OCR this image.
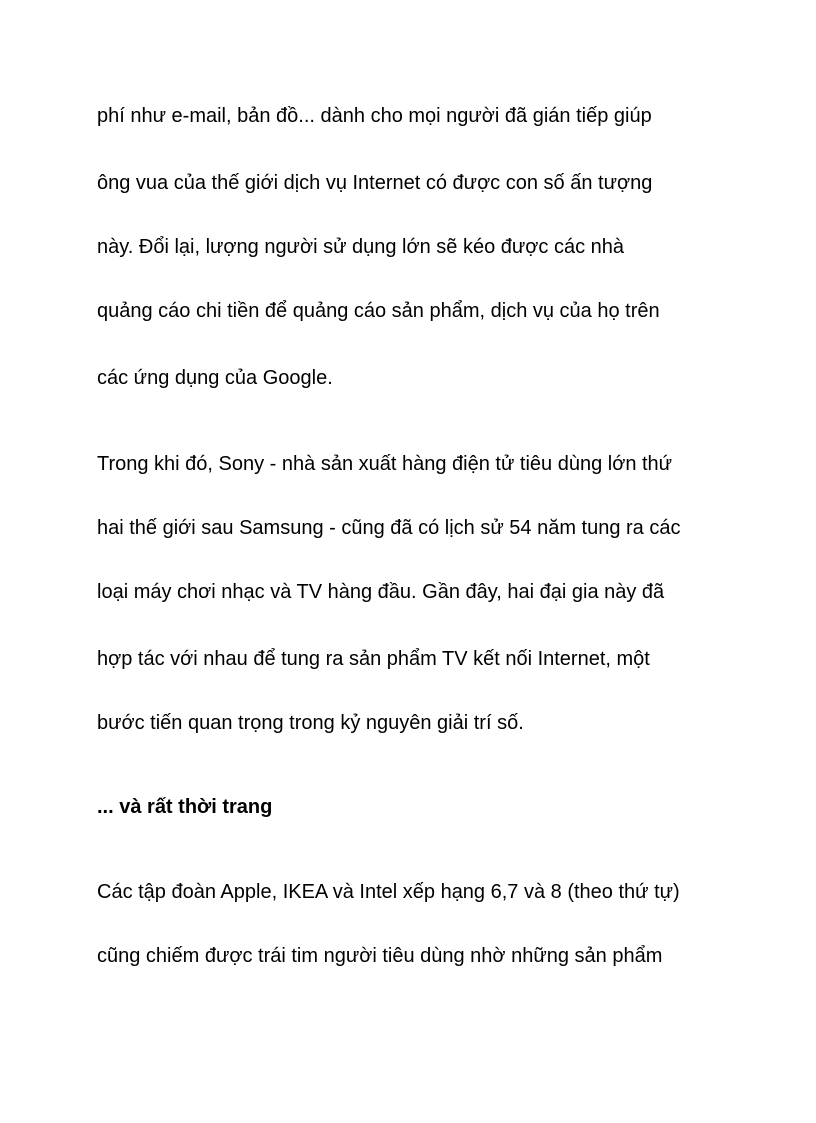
phí như e-mail, bản đồ... dành cho mọi người đã gián tiếp giúp
ông vua của thế giới dịch vụ Internet có được con số ấn tượng
này. Đổi lại, lượng người sử dụng lớn sẽ kéo được các nhà
quảng cáo chi tiền để quảng cáo sản phẩm, dịch vụ của họ trên
các ứng dụng của Google.
Trong khi đó, Sony - nhà sản xuất hàng điện tử tiêu dùng lớn thứ
hai thế giới sau Samsung - cũng đã có lịch sử 54 năm tung ra các
loại máy chơi nhạc và TV hàng đầu. Gần đây, hai đại gia này đã
hợp tác với nhau để tung ra sản phẩm TV kết nối Internet, một
bước tiến quan trọng trong kỷ nguyên giải trí số.
... và rất thời trang
Các tập đoàn Apple, IKEA và Intel xếp hạng 6,7 và 8 (theo thứ tự)
cũng chiếm được trái tim người tiêu dùng nhờ những sản phẩm
